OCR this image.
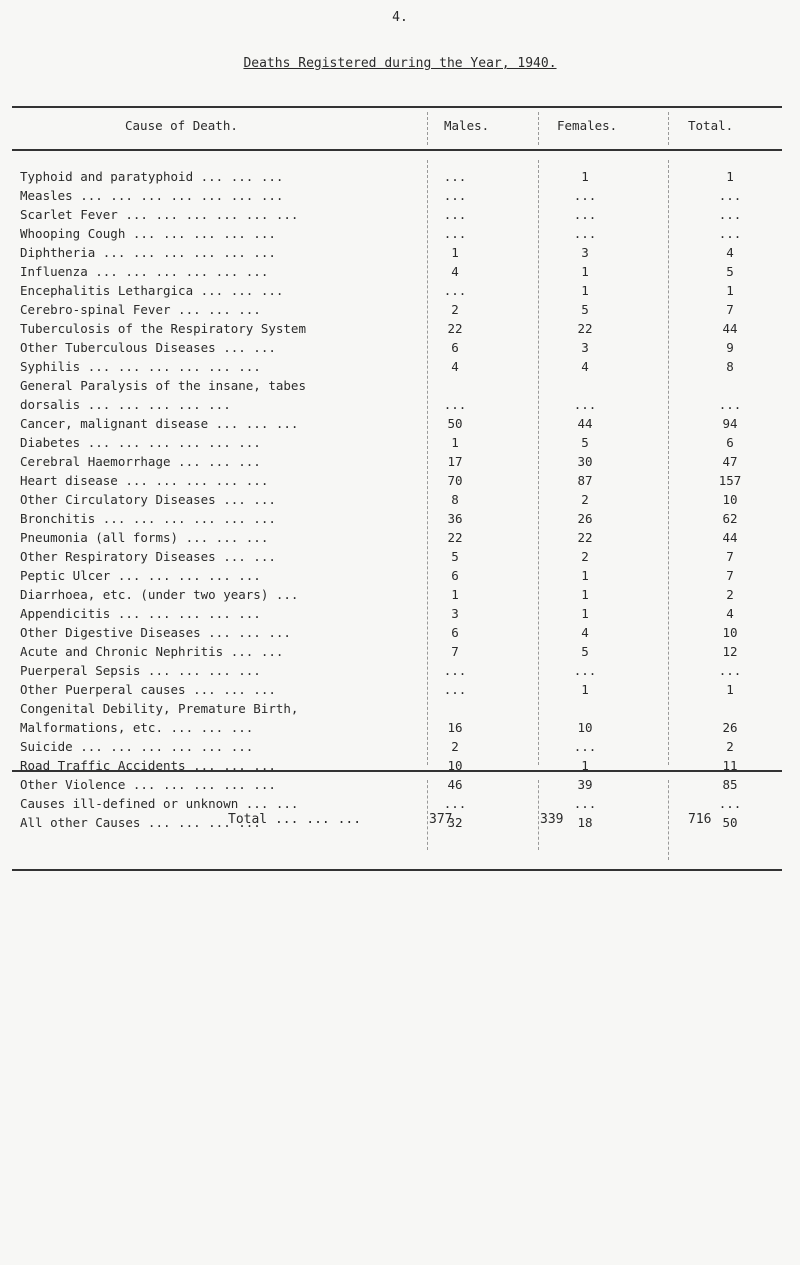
4.
Deaths Registered during the Year, 1940.
Cause of Death.	Males.	Females.	Total.
Typhoid and paratyphoid ... ... ...	...	1	1
Measles ... ... ... ... ... ... ...	...	...	...
Scarlet Fever ... ... ... ... ... ...	...	...	...
Whooping Cough ... ... ... ... ...	...	...	...
Diphtheria ... ... ... ... ... ...	1	3	4
Influenza ... ... ... ... ... ...	4	1	5
Encephalitis Lethargica ... ... ...	...	1	1
Cerebro-spinal Fever ... ... ...	2	5	7
Tuberculosis of the Respiratory System	22	22	44
Other Tuberculous Diseases ... ...	6	3	9
Syphilis ... ... ... ... ... ...	4	4	8
General Paralysis of the insane, tabes			
dorsalis ... ... ... ... ...	...	...	...
Cancer, malignant disease ... ... ...	50	44	94
Diabetes ... ... ... ... ... ...	1	5	6
Cerebral Haemorrhage ... ... ...	17	30	47
Heart disease ... ... ... ... ...	70	87	157
Other Circulatory Diseases ... ...	8	2	10
Bronchitis ... ... ... ... ... ...	36	26	62
Pneumonia (all forms) ... ... ...	22	22	44
Other Respiratory Diseases ... ...	5	2	7
Peptic Ulcer ... ... ... ... ...	6	1	7
Diarrhoea, etc. (under two years) ...	1	1	2
Appendicitis ... ... ... ... ...	3	1	4
Other Digestive Diseases ... ... ...	6	4	10
Acute and Chronic Nephritis ... ...	7	5	12
Puerperal Sepsis ... ... ... ...	...	...	...
Other Puerperal causes ... ... ...	...	1	1
Congenital Debility, Premature Birth,			
Malformations, etc. ... ... ...	16	10	26
Suicide ... ... ... ... ... ...	2	...	2
Road Traffic Accidents ... ... ...	10	1	11
Other Violence ... ... ... ... ...	46	39	85
Causes ill-defined or unknown ... ...	...	...	...
All other Causes ... ... ... ...	32	18	50
Total ... ... ...	377	339	716
